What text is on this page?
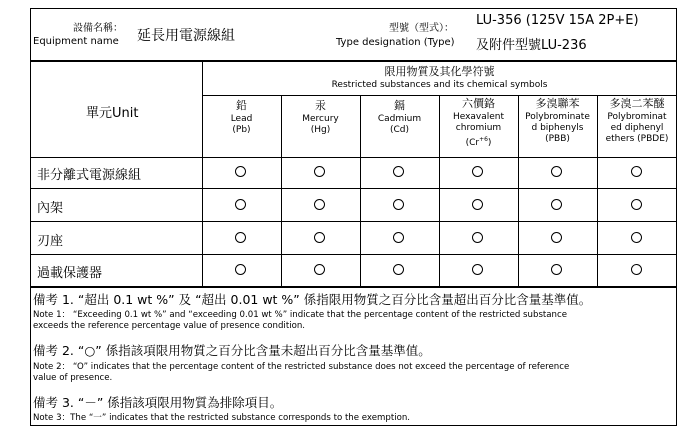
設備名稱：
Equipment name 延長用電源線組	型號（型式）：
Type designation (Type)
LU-356 (125V 15A 2P+E)
及附件型號LU-236
單元Unit
限用物質及其化學符號
Restricted substances and its chemical symbols
鉛
Lead
(Pb)
汞
Mercury
(Hg)
鎘
Cadmium
(Cd)
六價鉻
Hexavalent
chromium
$(Cr^{+6})$
多溴聯苯
Polybrominate
d biphenyls
(PBB)
多溴二苯醚
Polybrominat
ed diphenyl
ethers (PBDE)
非分離式電源線組
內架
刃座
過載保護器
備考 1. “超出 0.1 wt %” 及 “超出 0.01 wt %” 係指限用物質之百分比含量超出百分比含量基準值。
Note 1： “Exceeding 0.1 wt %” and “exceeding 0.01 wt %” indicate that the percentage content of the restricted substance
exceeds the reference percentage value of presence condition.
備考 2. “○” 係指該項限用物質之百分比含量未超出百分比含量基準值。
Note 2： “O” indicates that the percentage content of the restricted substance does not exceed the percentage of reference
value of presence.
備考 3. “－” 係指該項限用物質為排除項目。
Note 3：The “一” indicates that the restricted substance corresponds to the exemption.
